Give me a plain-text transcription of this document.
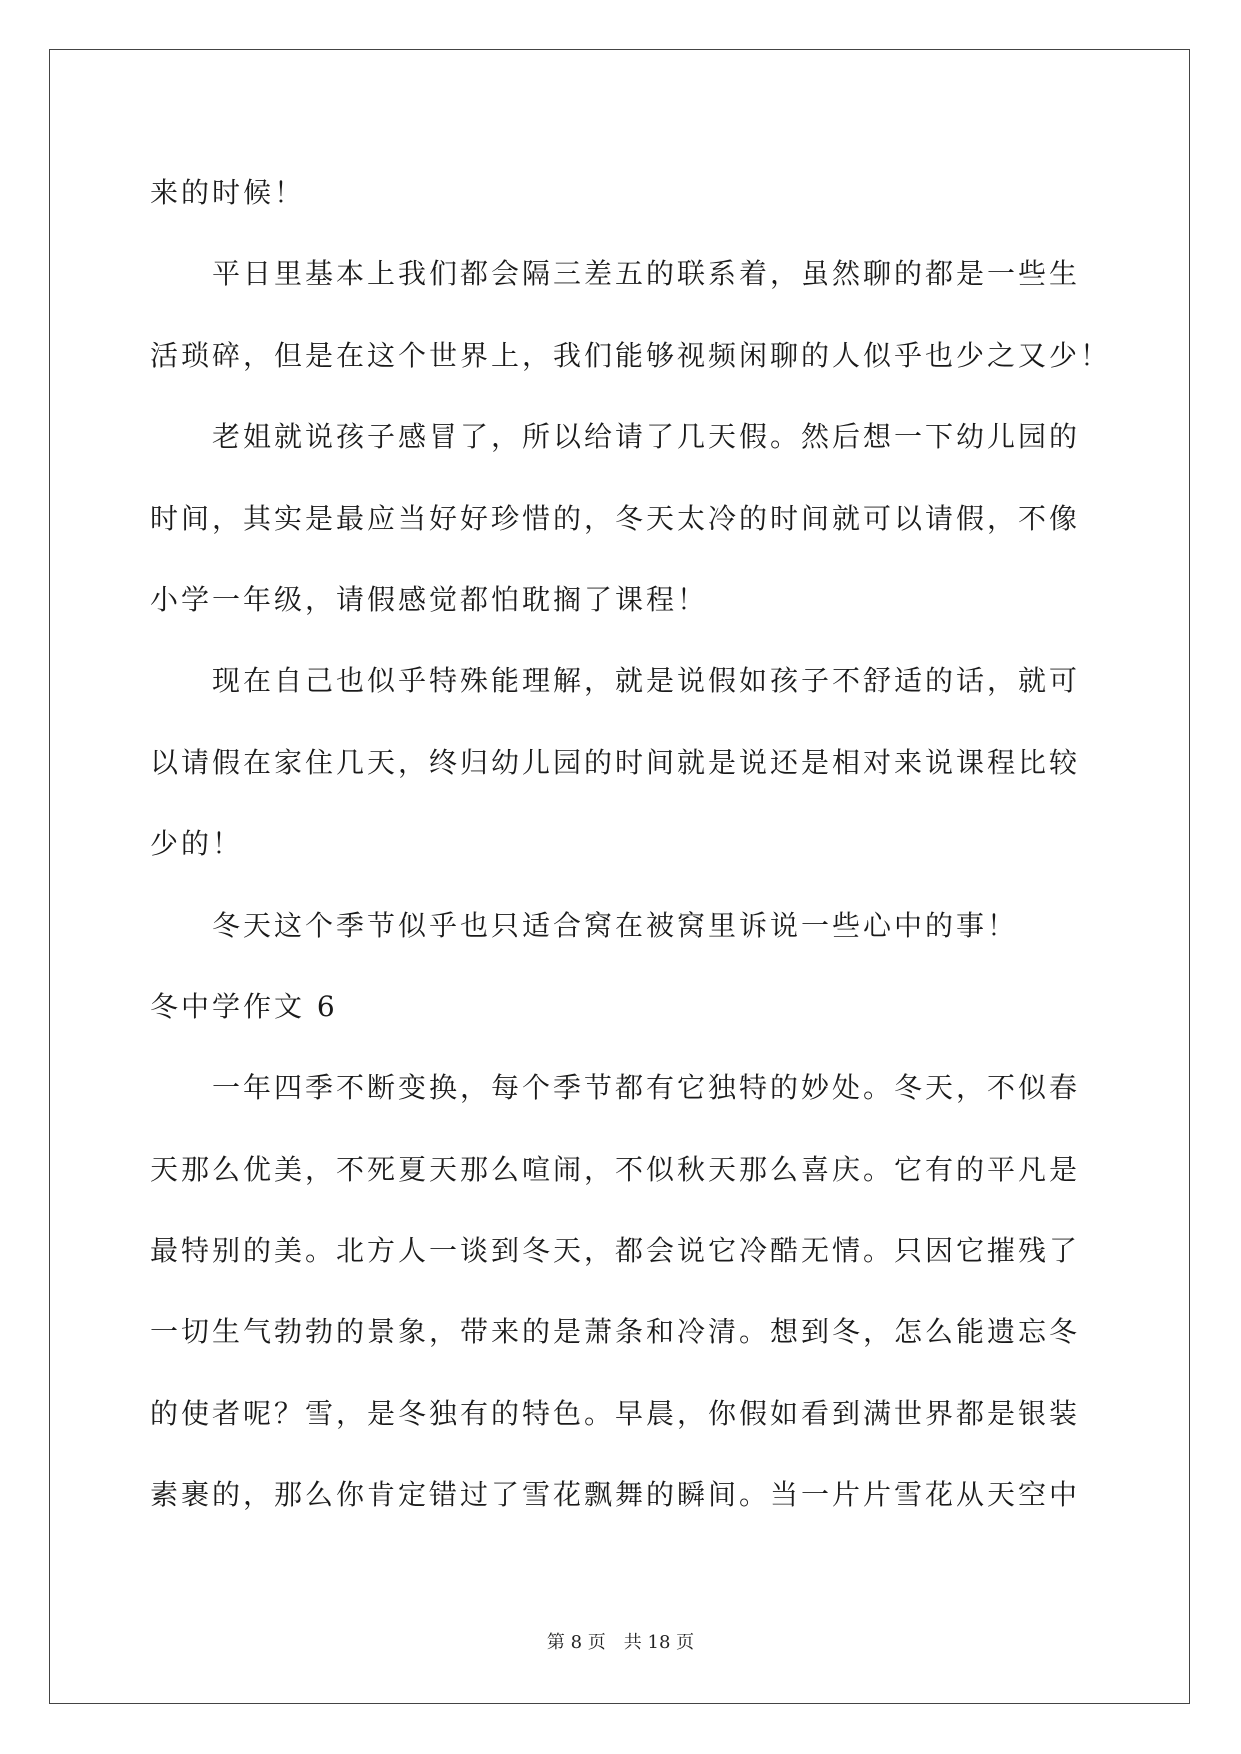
来的时候！

平日里基本上我们都会隔三差五的联系着，虽然聊的都是一些生

活琐碎，但是在这个世界上，我们能够视频闲聊的人似乎也少之又少！

老姐就说孩子感冒了，所以给请了几天假。然后想一下幼儿园的

时间，其实是最应当好好珍惜的，冬天太冷的时间就可以请假，不像

小学一年级，请假感觉都怕耽搁了课程！

现在自己也似乎特殊能理解，就是说假如孩子不舒适的话，就可

以请假在家住几天，终归幼儿园的时间就是说还是相对来说课程比较

少的！

冬天这个季节似乎也只适合窝在被窝里诉说一些心中的事！

冬中学作文 6

一年四季不断变换，每个季节都有它独特的妙处。冬天，不似春

天那么优美，不死夏天那么喧闹，不似秋天那么喜庆。它有的平凡是

最特别的美。北方人一谈到冬天，都会说它冷酷无情。只因它摧残了

一切生气勃勃的景象，带来的是萧条和冷清。想到冬，怎么能遗忘冬

的使者呢？雪，是冬独有的特色。早晨，你假如看到满世界都是银装

素裹的，那么你肯定错过了雪花飘舞的瞬间。当一片片雪花从天空中

第 8 页　共 18 页
